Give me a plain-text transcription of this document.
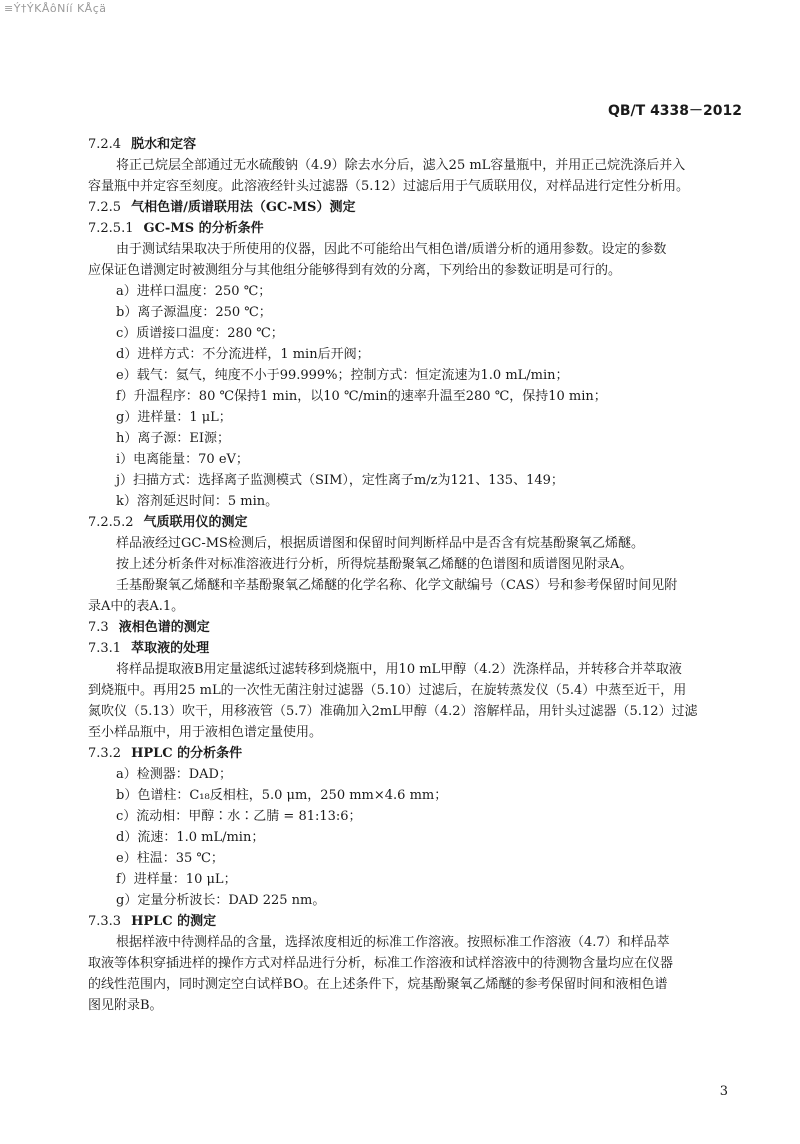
≡Ý†ÝKÅôNíí KÅçä
QB/T 4338－2012
7.2.4 脱水和定容
将正己烷层全部通过无水硫酸钠（4.9）除去水分后，滤入25 mL容量瓶中，并用正己烷洗涤后并入
容量瓶中并定容至刻度。此溶液经针头过滤器（5.12）过滤后用于气质联用仪，对样品进行定性分析用。
7.2.5 气相色谱/质谱联用法（GC-MS）测定
7.2.5.1 GC-MS 的分析条件
由于测试结果取决于所使用的仪器，因此不可能给出气相色谱/质谱分析的通用参数。设定的参数
应保证色谱测定时被测组分与其他组分能够得到有效的分离，下列给出的参数证明是可行的。
a）进样口温度：250 ℃；
b）离子源温度：250 ℃；
c）质谱接口温度：280 ℃；
d）进样方式：不分流进样，1 min后开阀；
e）载气：氦气，纯度不小于99.999%；控制方式：恒定流速为1.0 mL/min；
f）升温程序：80 ℃保持1 min，以10 ℃/min的速率升温至280 ℃，保持10 min；
g）进样量：1 μL；
h）离子源：EI源；
i）电离能量：70 eV；
j）扫描方式：选择离子监测模式（SIM），定性离子m/z为121、135、149；
k）溶剂延迟时间：5 min。
7.2.5.2 气质联用仪的测定
样品液经过GC-MS检测后，根据质谱图和保留时间判断样品中是否含有烷基酚聚氧乙烯醚。
按上述分析条件对标准溶液进行分析，所得烷基酚聚氧乙烯醚的色谱图和质谱图见附录A。
壬基酚聚氧乙烯醚和辛基酚聚氧乙烯醚的化学名称、化学文献编号（CAS）号和参考保留时间见附
录A中的表A.1。
7.3 液相色谱的测定
7.3.1 萃取液的处理
将样品提取液B用定量滤纸过滤转移到烧瓶中，用10 mL甲醇（4.2）洗涤样品，并转移合并萃取液
到烧瓶中。再用25 mL的一次性无菌注射过滤器（5.10）过滤后，在旋转蒸发仪（5.4）中蒸至近干，用
氮吹仪（5.13）吹干，用移液管（5.7）准确加入2mL甲醇（4.2）溶解样品，用针头过滤器（5.12）过滤
至小样品瓶中，用于液相色谱定量使用。
7.3.2 HPLC 的分析条件
a）检测器：DAD；
b）色谱柱：C₁₈反相柱，5.0 μm，250 mm×4.6 mm；
c）流动相：甲醇∶水∶乙腈 = 81:13:6；
d）流速：1.0 mL/min；
e）柱温：35 ℃；
f）进样量：10 μL；
g）定量分析波长：DAD 225 nm。
7.3.3 HPLC 的测定
根据样液中待测样品的含量，选择浓度相近的标准工作溶液。按照标准工作溶液（4.7）和样品萃
取液等体积穿插进样的操作方式对样品进行分析，标准工作溶液和试样溶液中的待测物含量均应在仪器
的线性范围内，同时测定空白试样BO。在上述条件下，烷基酚聚氧乙烯醚的参考保留时间和液相色谱
图见附录B。
3
